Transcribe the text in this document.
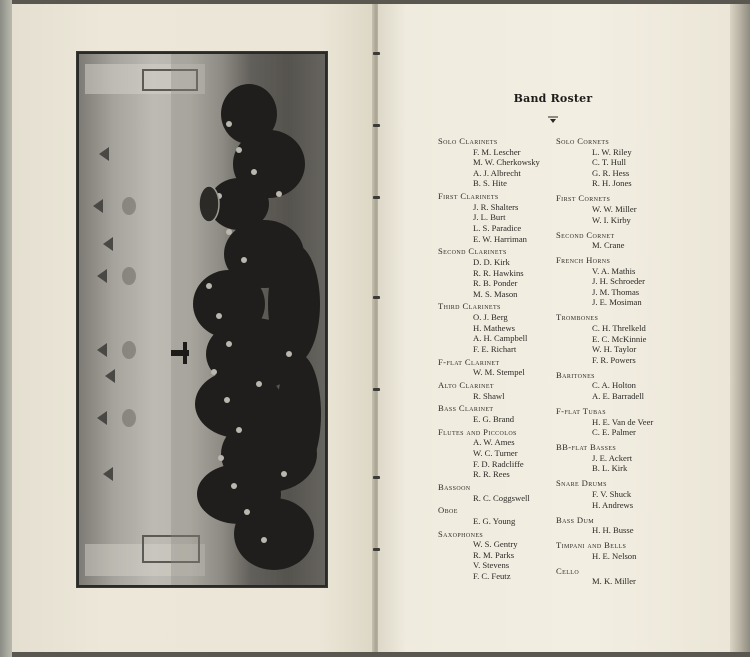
Band Roster
Solo Clarinets
F. M. Lescher
M. W. Cherkowsky
A. J. Albrecht
B. S. Hite
First Clarinets
J. R. Shalters
J. L. Burt
L. S. Paradice
E. W. Harriman
Second Clarinets
D. D. Kirk
R. R. Hawkins
R. B. Ponder
M. S. Mason
Third Clarinets
O. J. Berg
H. Mathews
A. H. Campbell
F. E. Richart
F-flat Clarinet
W. M. Stempel
Alto Clarinet
R. Shawl
Bass Clarinet
E. G. Brand
Flutes and Piccolos
A. W. Ames
W. C. Turner
F. D. Radcliffe
R. R. Rees
Bassoon
R. C. Coggswell
Oboe
E. G. Young
Saxophones
W. S. Gentry
R. M. Parks
V. Stevens
F. C. Feutz
Solo Cornets
L. W. Riley
C. T. Hull
G. R. Hess
R. H. Jones
First Cornets
W. W. Miller
W. I. Kirby
Second Cornet
M. Crane
French Horns
V. A. Mathis
J. H. Schroeder
J. M. Thomas
J. E. Mosiman
Trombones
C. H. Threlkeld
E. C. McKinnie
W. H. Taylor
F. R. Powers
Baritones
C. A. Holton
A. E. Barradell
F-flat Tubas
H. E. Van de Veer
C. E. Palmer
BB-flat Basses
J. E. Ackert
B. L. Kirk
Snare Drums
F. V. Shuck
H. Andrews
Bass Dum
H. H. Busse
Timpani and Bells
H. E. Nelson
Cello
M. K. Miller
